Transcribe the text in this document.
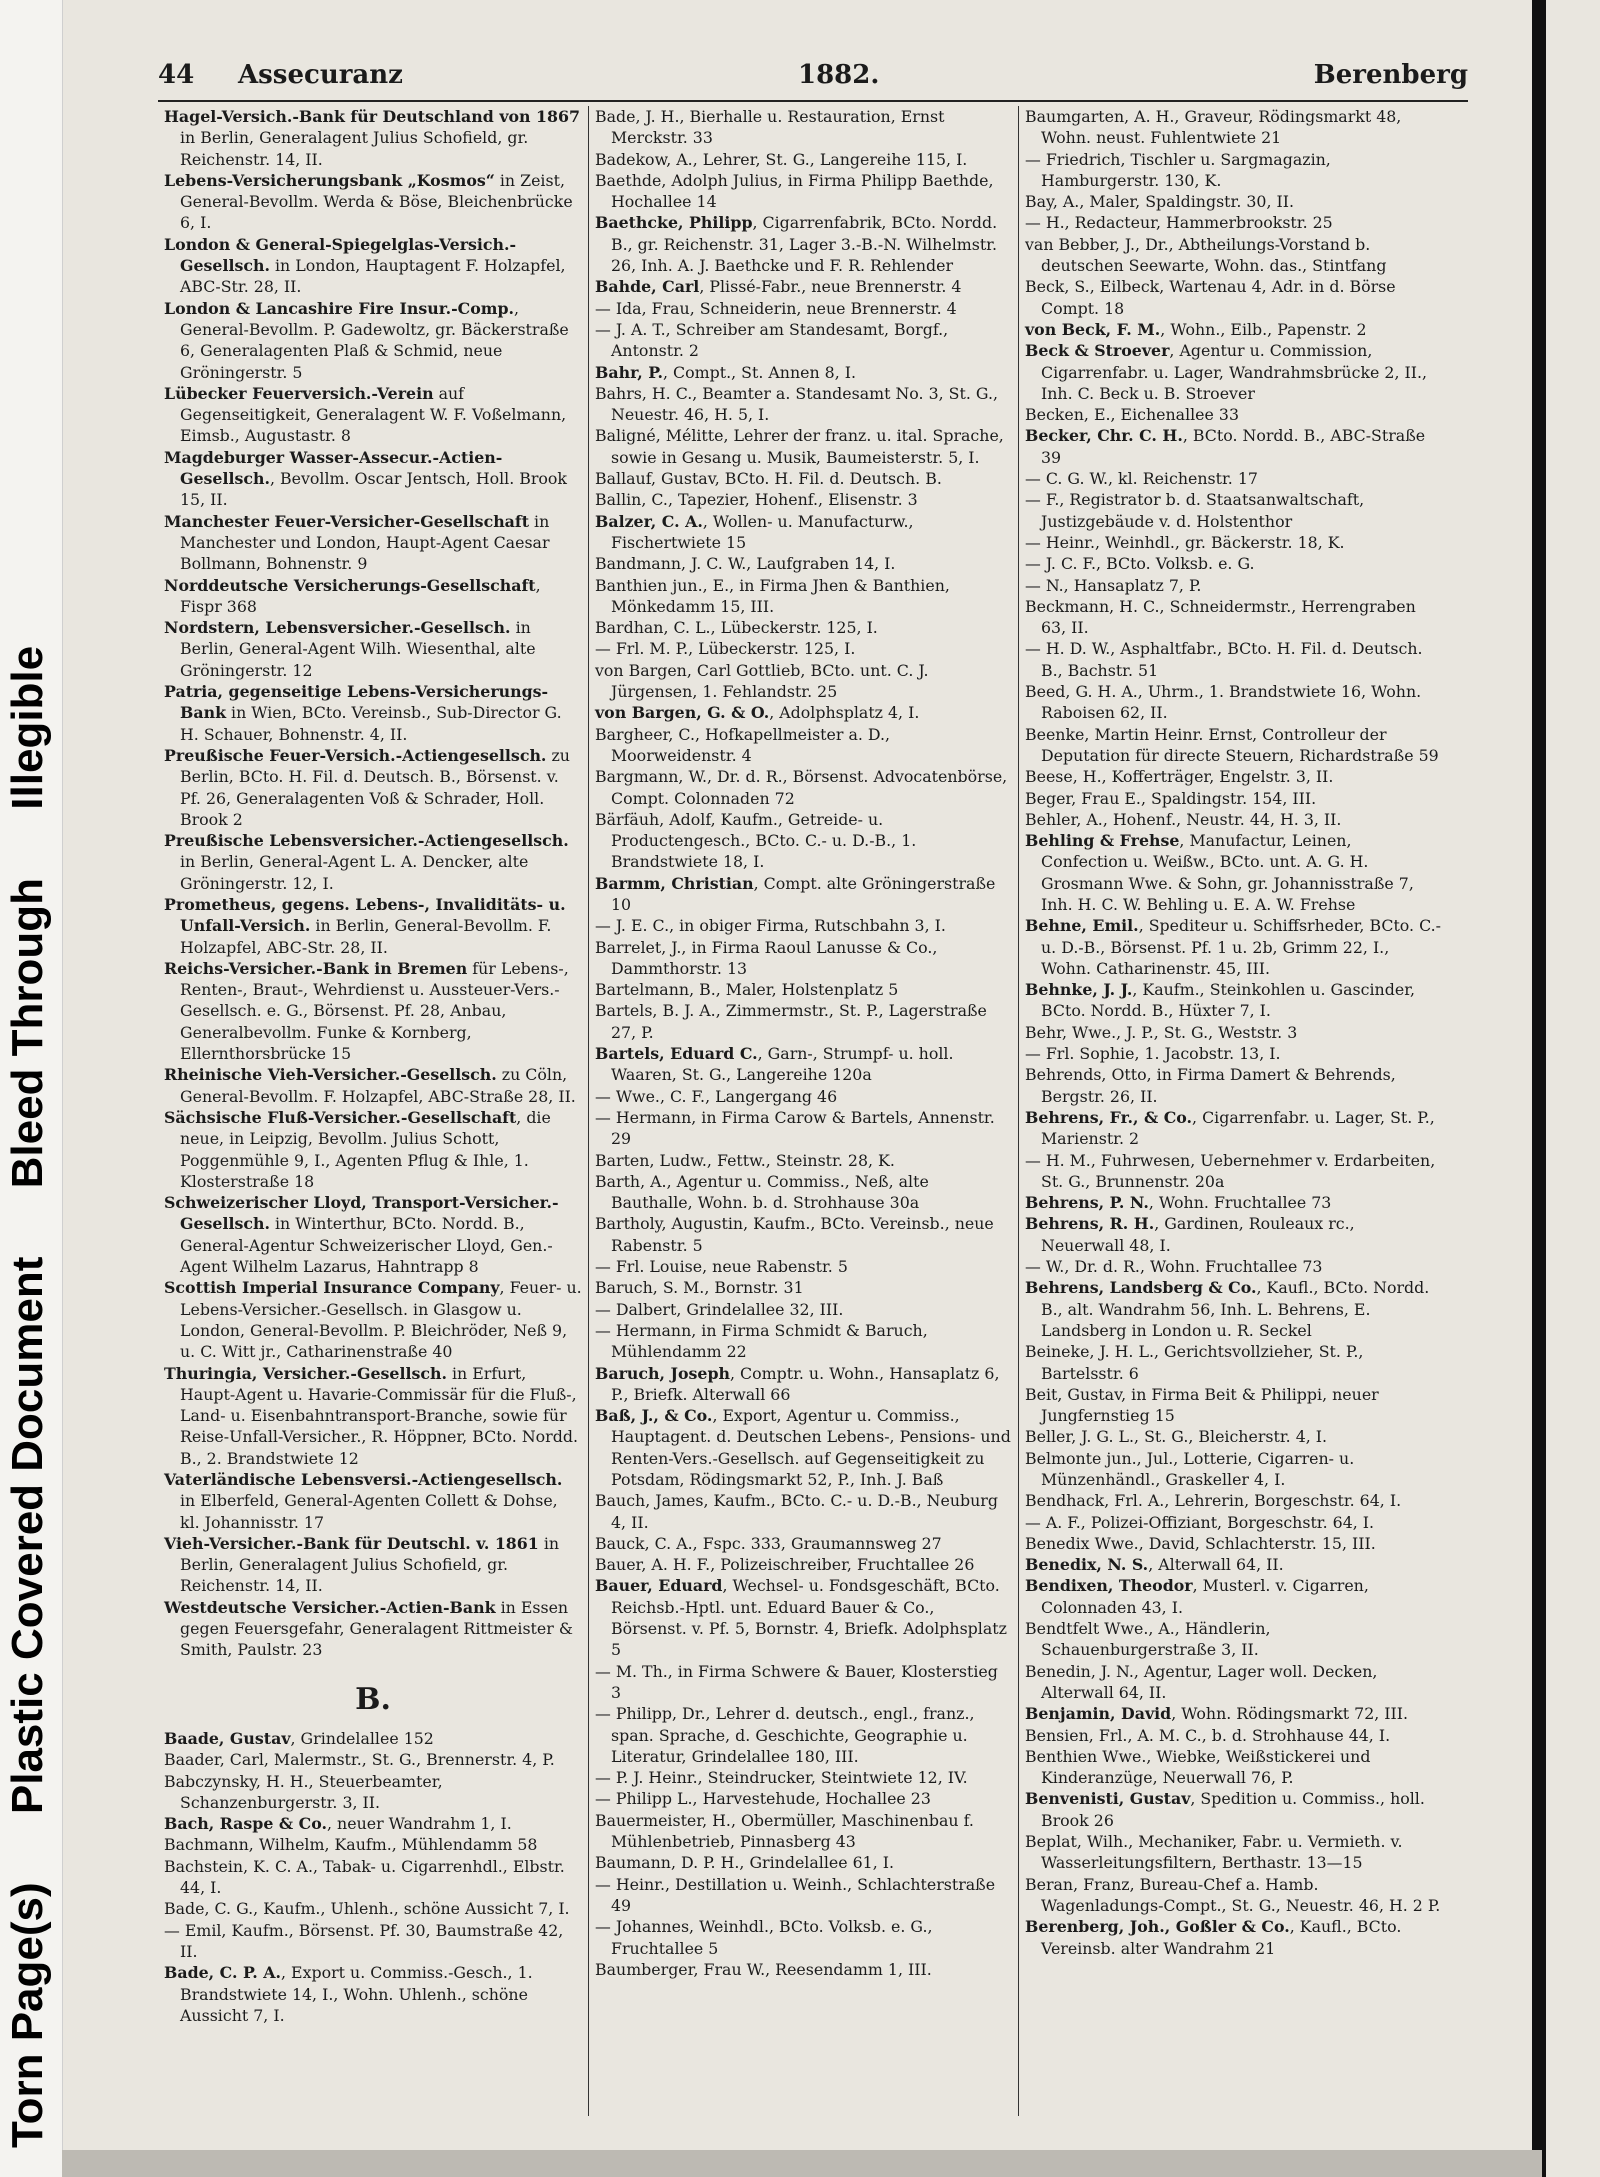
Torn Page(s) Plastic Covered Document Bleed Through Illegible
44 Assecuranz	1882.	Berenberg

Hagel-Versich.-Bank für Deutschland von 1867 in Berlin, Generalagent Julius Schofield, gr. Reichenstr. 14, II.

Lebens-Versicherungsbank „Kosmos“ in Zeist, General-Bevollm. Werda & Böse, Bleichenbrücke 6, I.

London & General-Spiegelglas-Versich.-Gesellsch. in London, Hauptagent F. Holzapfel, ABC-Str. 28, II.

London & Lancashire Fire Insur.-Comp., General-Bevollm. P. Gadewoltz, gr. Bäckerstraße 6, Generalagenten Plaß & Schmid, neue Gröningerstr. 5

Lübecker Feuerversich.-Verein auf Gegenseitigkeit, Generalagent W. F. Voßelmann, Eimsb., Augustastr. 8

Magdeburger Wasser-Assecur.-Actien-Gesellsch., Bevollm. Oscar Jentsch, Holl. Brook 15, II.

Manchester Feuer-Versicher-Gesellschaft in Manchester und London, Haupt-Agent Caesar Bollmann, Bohnenstr. 9

Norddeutsche Versicherungs-Gesellschaft, Fispr 368

Nordstern, Lebensversicher.-Gesellsch. in Berlin, General-Agent Wilh. Wiesenthal, alte Gröningerstr. 12

Patria, gegenseitige Lebens-Versicherungs-Bank in Wien, BCto. Vereinsb., Sub-Director G. H. Schauer, Bohnenstr. 4, II.

Preußische Feuer-Versich.-Actiengesellsch. zu Berlin, BCto. H. Fil. d. Deutsch. B., Börsenst. v. Pf. 26, Generalagenten Voß & Schrader, Holl. Brook 2

Preußische Lebensversicher.-Actiengesellsch. in Berlin, General-Agent L. A. Dencker, alte Gröningerstr. 12, I.

Prometheus, gegens. Lebens-, Invaliditäts- u. Unfall-Versich. in Berlin, General-Bevollm. F. Holzapfel, ABC-Str. 28, II.

Reichs-Versicher.-Bank in Bremen für Lebens-, Renten-, Braut-, Wehrdienst u. Aussteuer-Vers.-Gesellsch. e. G., Börsenst. Pf. 28, Anbau, Generalbevollm. Funke & Kornberg, Ellernthorsbrücke 15

Rheinische Vieh-Versicher.-Gesellsch. zu Cöln, General-Bevollm. F. Holzapfel, ABC-Straße 28, II.

Sächsische Fluß-Versicher.-Gesellschaft, die neue, in Leipzig, Bevollm. Julius Schott, Poggenmühle 9, I., Agenten Pflug & Ihle, 1. Klosterstraße 18

Schweizerischer Lloyd, Transport-Versicher.-Gesellsch. in Winterthur, BCto. Nordd. B., General-Agentur Schweizerischer Lloyd, Gen.-Agent Wilhelm Lazarus, Hahntrapp 8

Scottish Imperial Insurance Company, Feuer- u. Lebens-Versicher.-Gesellsch. in Glasgow u. London, General-Bevollm. P. Bleichröder, Neß 9, u. C. Witt jr., Catharinenstraße 40

Thuringia, Versicher.-Gesellsch. in Erfurt, Haupt-Agent u. Havarie-Commissär für die Fluß-, Land- u. Eisenbahntransport-Branche, sowie für Reise-Unfall-Versicher., R. Höppner, BCto. Nordd. B., 2. Brandstwiete 12

Vaterländische Lebensversi.-Actiengesellsch. in Elberfeld, General-Agenten Collett & Dohse, kl. Johannisstr. 17

Vieh-Versicher.-Bank für Deutschl. v. 1861 in Berlin, Generalagent Julius Schofield, gr. Reichenstr. 14, II.

Westdeutsche Versicher.-Actien-Bank in Essen gegen Feuersgefahr, Generalagent Rittmeister & Smith, Paulstr. 23

B.

Baade, Gustav, Grindelallee 152

Baader, Carl, Malermstr., St. G., Brennerstr. 4, P.

Babczynsky, H. H., Steuerbeamter, Schanzenburgerstr. 3, II.

Bach, Raspe & Co., neuer Wandrahm 1, I.

Bachmann, Wilhelm, Kaufm., Mühlendamm 58

Bachstein, K. C. A., Tabak- u. Cigarrenhdl., Elbstr. 44, I.

Bade, C. G., Kaufm., Uhlenh., schöne Aussicht 7, I.

— Emil, Kaufm., Börsenst. Pf. 30, Baumstraße 42, II.

Bade, C. P. A., Export u. Commiss.-Gesch., 1. Brandstwiete 14, I., Wohn. Uhlenh., schöne Aussicht 7, I.

Bade, J. H., Bierhalle u. Restauration, Ernst Merckstr. 33

Badekow, A., Lehrer, St. G., Langereihe 115, I.

Baethde, Adolph Julius, in Firma Philipp Baethde, Hochallee 14

Baethcke, Philipp, Cigarrenfabrik, BCto. Nordd. B., gr. Reichenstr. 31, Lager 3.-B.-N. Wilhelmstr. 26, Inh. A. J. Baethcke und F. R. Rehlender

Bahde, Carl, Plissé-Fabr., neue Brennerstr. 4

— Ida, Frau, Schneiderin, neue Brennerstr. 4

— J. A. T., Schreiber am Standesamt, Borgf., Antonstr. 2

Bahr, P., Compt., St. Annen 8, I.

Bahrs, H. C., Beamter a. Standesamt No. 3, St. G., Neuestr. 46, H. 5, I.

Baligné, Mélitte, Lehrer der franz. u. ital. Sprache, sowie in Gesang u. Musik, Baumeisterstr. 5, I.

Ballauf, Gustav, BCto. H. Fil. d. Deutsch. B.

Ballin, C., Tapezier, Hohenf., Elisenstr. 3

Balzer, C. A., Wollen- u. Manufacturw., Fischertwiete 15

Bandmann, J. C. W., Laufgraben 14, I.

Banthien jun., E., in Firma Jhen & Banthien, Mönkedamm 15, III.

Bardhan, C. L., Lübeckerstr. 125, I.

— Frl. M. P., Lübeckerstr. 125, I.

von Bargen, Carl Gottlieb, BCto. unt. C. J. Jürgensen, 1. Fehlandstr. 25

von Bargen, G. & O., Adolphsplatz 4, I.

Bargheer, C., Hofkapellmeister a. D., Moorweidenstr. 4

Bargmann, W., Dr. d. R., Börsenst. Advocatenbörse, Compt. Colonnaden 72

Bärfäuh, Adolf, Kaufm., Getreide- u. Productengesch., BCto. C.- u. D.-B., 1. Brandstwiete 18, I.

Barmm, Christian, Compt. alte Gröningerstraße 10

— J. E. C., in obiger Firma, Rutschbahn 3, I.

Barrelet, J., in Firma Raoul Lanusse & Co., Dammthorstr. 13

Bartelmann, B., Maler, Holstenplatz 5

Bartels, B. J. A., Zimmermstr., St. P., Lagerstraße 27, P.

Bartels, Eduard C., Garn-, Strumpf- u. holl. Waaren, St. G., Langereihe 120a

— Wwe., C. F., Langergang 46

— Hermann, in Firma Carow & Bartels, Annenstr. 29

Barten, Ludw., Fettw., Steinstr. 28, K.

Barth, A., Agentur u. Commiss., Neß, alte Bauthalle, Wohn. b. d. Strohhause 30a

Bartholy, Augustin, Kaufm., BCto. Vereinsb., neue Rabenstr. 5

— Frl. Louise, neue Rabenstr. 5

Baruch, S. M., Bornstr. 31

— Dalbert, Grindelallee 32, III.

— Hermann, in Firma Schmidt & Baruch, Mühlendamm 22

Baruch, Joseph, Comptr. u. Wohn., Hansaplatz 6, P., Briefk. Alterwall 66

Baß, J., & Co., Export, Agentur u. Commiss., Hauptagent. d. Deutschen Lebens-, Pensions- und Renten-Vers.-Gesellsch. auf Gegenseitigkeit zu Potsdam, Rödingsmarkt 52, P., Inh. J. Baß

Bauch, James, Kaufm., BCto. C.- u. D.-B., Neuburg 4, II.

Bauck, C. A., Fspc. 333, Graumannsweg 27

Bauer, A. H. F., Polizeischreiber, Fruchtallee 26

Bauer, Eduard, Wechsel- u. Fondsgeschäft, BCto. Reichsb.-Hptl. unt. Eduard Bauer & Co., Börsenst. v. Pf. 5, Bornstr. 4, Briefk. Adolphsplatz 5

— M. Th., in Firma Schwere & Bauer, Klosterstieg 3

— Philipp, Dr., Lehrer d. deutsch., engl., franz., span. Sprache, d. Geschichte, Geographie u. Literatur, Grindelallee 180, III.

— P. J. Heinr., Steindrucker, Steintwiete 12, IV.

— Philipp L., Harvestehude, Hochallee 23

Bauermeister, H., Obermüller, Maschinenbau f. Mühlenbetrieb, Pinnasberg 43

Baumann, D. P. H., Grindelallee 61, I.

— Heinr., Destillation u. Weinh., Schlachterstraße 49

— Johannes, Weinhdl., BCto. Volksb. e. G., Fruchtallee 5

Baumberger, Frau W., Reesendamm 1, III.

Baumgarten, A. H., Graveur, Rödingsmarkt 48, Wohn. neust. Fuhlentwiete 21

— Friedrich, Tischler u. Sargmagazin, Hamburgerstr. 130, K.

Bay, A., Maler, Spaldingstr. 30, II.

— H., Redacteur, Hammerbrookstr. 25

van Bebber, J., Dr., Abtheilungs-Vorstand b. deutschen Seewarte, Wohn. das., Stintfang

Beck, S., Eilbeck, Wartenau 4, Adr. in d. Börse Compt. 18

von Beck, F. M., Wohn., Eilb., Papenstr. 2

Beck & Stroever, Agentur u. Commission, Cigarrenfabr. u. Lager, Wandrahmsbrücke 2, II., Inh. C. Beck u. B. Stroever

Becken, E., Eichenallee 33

Becker, Chr. C. H., BCto. Nordd. B., ABC-Straße 39

— C. G. W., kl. Reichenstr. 17

— F., Registrator b. d. Staatsanwaltschaft, Justizgebäude v. d. Holstenthor

— Heinr., Weinhdl., gr. Bäckerstr. 18, K.

— J. C. F., BCto. Volksb. e. G.

— N., Hansaplatz 7, P.

Beckmann, H. C., Schneidermstr., Herrengraben 63, II.

— H. D. W., Asphaltfabr., BCto. H. Fil. d. Deutsch. B., Bachstr. 51

Beed, G. H. A., Uhrm., 1. Brandstwiete 16, Wohn. Raboisen 62, II.

Beenke, Martin Heinr. Ernst, Controlleur der Deputation für directe Steuern, Richardstraße 59

Beese, H., Kofferträger, Engelstr. 3, II.

Beger, Frau E., Spaldingstr. 154, III.

Behler, A., Hohenf., Neustr. 44, H. 3, II.

Behling & Frehse, Manufactur, Leinen, Confection u. Weißw., BCto. unt. A. G. H. Grosmann Wwe. & Sohn, gr. Johannisstraße 7, Inh. H. C. W. Behling u. E. A. W. Frehse

Behne, Emil., Spediteur u. Schiffsrheder, BCto. C.- u. D.-B., Börsenst. Pf. 1 u. 2b, Grimm 22, I., Wohn. Catharinenstr. 45, III.

Behnke, J. J., Kaufm., Steinkohlen u. Gascinder, BCto. Nordd. B., Hüxter 7, I.

Behr, Wwe., J. P., St. G., Weststr. 3

— Frl. Sophie, 1. Jacobstr. 13, I.

Behrends, Otto, in Firma Damert & Behrends, Bergstr. 26, II.

Behrens, Fr., & Co., Cigarrenfabr. u. Lager, St. P., Marienstr. 2

— H. M., Fuhrwesen, Uebernehmer v. Erdarbeiten, St. G., Brunnenstr. 20a

Behrens, P. N., Wohn. Fruchtallee 73

Behrens, R. H., Gardinen, Rouleaux rc., Neuerwall 48, I.

— W., Dr. d. R., Wohn. Fruchtallee 73

Behrens, Landsberg & Co., Kaufl., BCto. Nordd. B., alt. Wandrahm 56, Inh. L. Behrens, E. Landsberg in London u. R. Seckel

Beineke, J. H. L., Gerichtsvollzieher, St. P., Bartelsstr. 6

Beit, Gustav, in Firma Beit & Philippi, neuer Jungfernstieg 15

Beller, J. G. L., St. G., Bleicherstr. 4, I.

Belmonte jun., Jul., Lotterie, Cigarren- u. Münzenhändl., Graskeller 4, I.

Bendhack, Frl. A., Lehrerin, Borgeschstr. 64, I.

— A. F., Polizei-Offiziant, Borgeschstr. 64, I.

Benedix Wwe., David, Schlachterstr. 15, III.

Benedix, N. S., Alterwall 64, II.

Bendixen, Theodor, Musterl. v. Cigarren, Colonnaden 43, I.

Bendtfelt Wwe., A., Händlerin, Schauenburgerstraße 3, II.

Benedin, J. N., Agentur, Lager woll. Decken, Alterwall 64, II.

Benjamin, David, Wohn. Rödingsmarkt 72, III.

Bensien, Frl., A. M. C., b. d. Strohhause 44, I.

Benthien Wwe., Wiebke, Weißstickerei und Kinderanzüge, Neuerwall 76, P.

Benvenisti, Gustav, Spedition u. Commiss., holl. Brook 26

Beplat, Wilh., Mechaniker, Fabr. u. Vermieth. v. Wasserleitungsfiltern, Berthastr. 13—15

Beran, Franz, Bureau-Chef a. Hamb. Wagenladungs-Compt., St. G., Neuestr. 46, H. 2 P.

Berenberg, Joh., Goßler & Co., Kaufl., BCto. Vereinsb. alter Wandrahm 21
